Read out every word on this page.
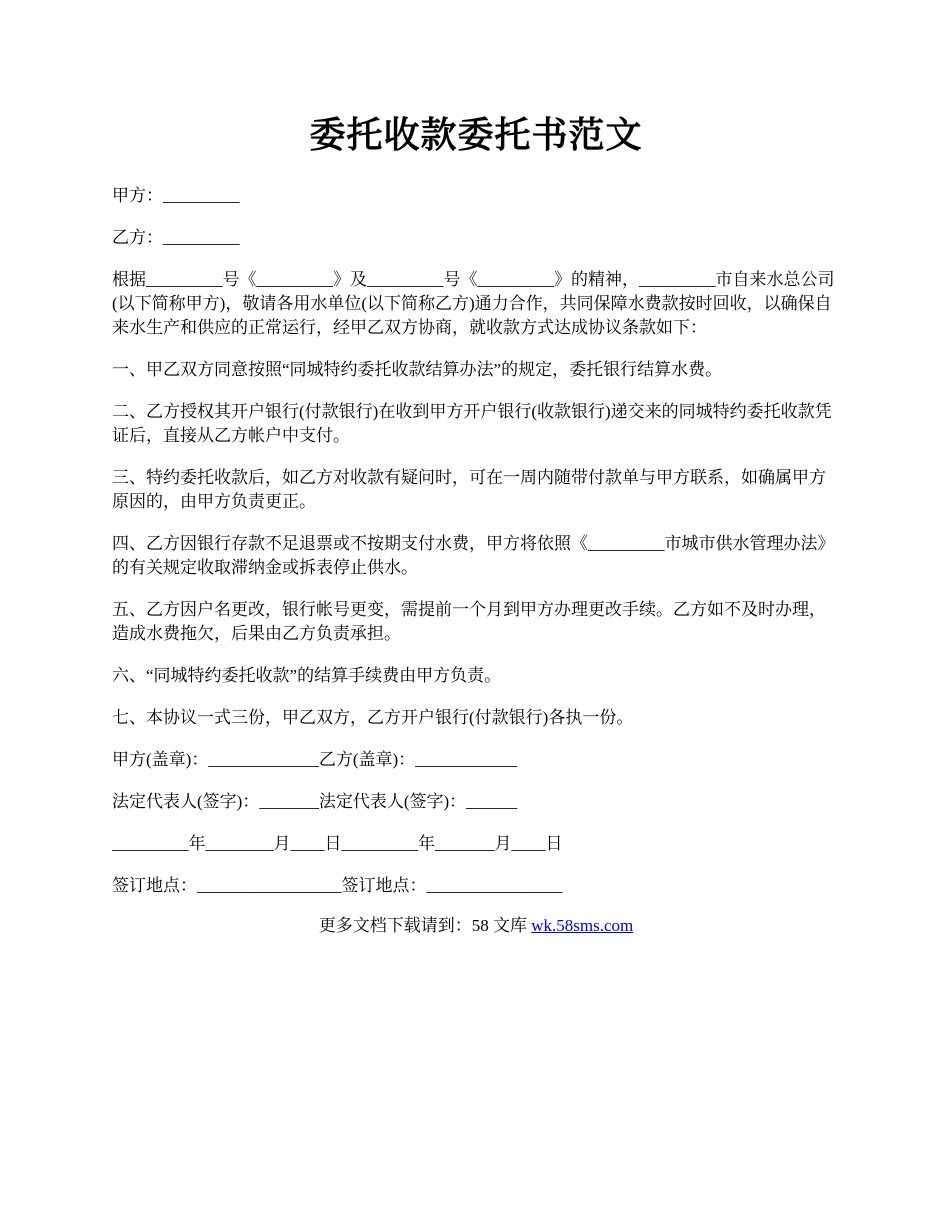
委托收款委托书范文

甲方：_________

乙方：_________

根据_________号《_________》及_________号《_________》的精神，_________市自来水总公司(以下简称甲方)，敬请各用水单位(以下简称乙方)通力合作，共同保障水费款按时回收，以确保自来水生产和供应的正常运行，经甲乙双方协商，就收款方式达成协议条款如下：

一、甲乙双方同意按照“同城特约委托收款结算办法”的规定，委托银行结算水费。

二、乙方授权其开户银行(付款银行)在收到甲方开户银行(收款银行)递交来的同城特约委托收款凭证后，直接从乙方帐户中支付。

三、特约委托收款后，如乙方对收款有疑问时，可在一周内随带付款单与甲方联系，如确属甲方原因的，由甲方负责更正。

四、乙方因银行存款不足退票或不按期支付水费，甲方将依照《_________市城市供水管理办法》的有关规定收取滞纳金或拆表停止供水。

五、乙方因户名更改，银行帐号更变，需提前一个月到甲方办理更改手续。乙方如不及时办理，造成水费拖欠，后果由乙方负责承担。

六、“同城特约委托收款”的结算手续费由甲方负责。

七、本协议一式三份，甲乙双方，乙方开户银行(付款银行)各执一份。

甲方(盖章)：_____________乙方(盖章)：____________

法定代表人(签字)：_______法定代表人(签字)：______

_________年________月____日_________年_______月____日

签订地点：_________________签订地点：________________

更多文档下载请到：58 文库 wk.58sms.com
